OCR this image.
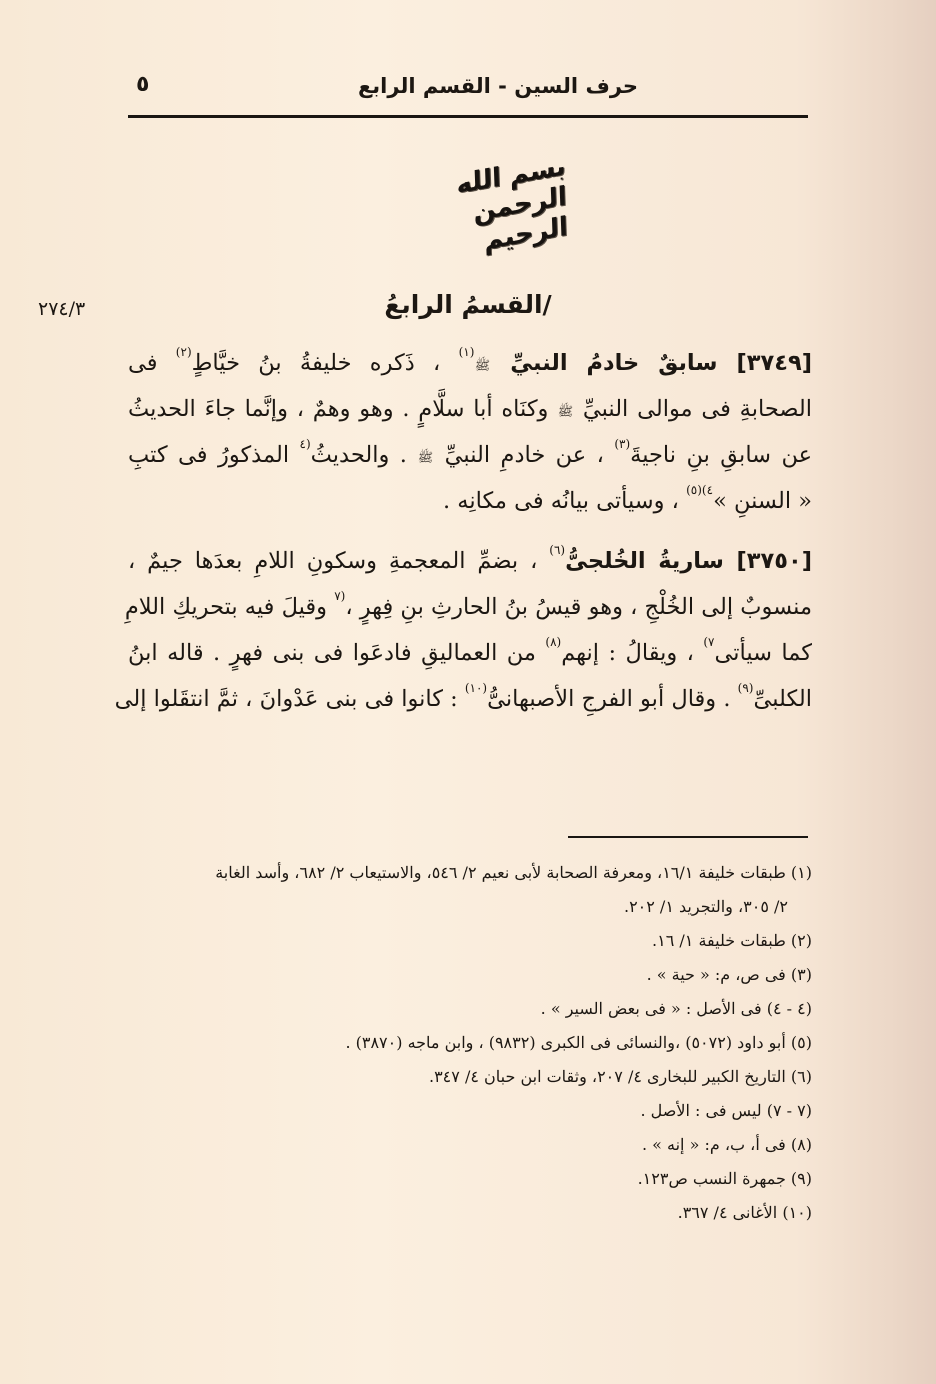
حرف السين - القسم الرابع
٥
بسم الله الرحمن الرحيم
٢٧٤/٣	/القسمُ الرابعُ
[٣٧٤٩] سابقٌ خادمُ النبيِّ ﷺ$^{(١)}$ ، ذَكره خليفةُ بنُ خيَّاطٍ$^{(٢)}$ فى
الصحابةِ فى موالى النبيِّ ﷺ وكنَاه أبا سلَّامٍ . وهو وهمٌ ، وإنَّما جاءَ الحديثُ
عن سابقِ بنِ ناجيةَ$^{(٣)}$ ، عن خادمِ النبيِّ ﷺ . والحديثُ$^{(٤}$ المذكورُ فى كتبِ
« السننِ »$^{٤)(٥)}$ ، وسيأتى بيانُه فى مكانِه .
[٣٧٥٠] ساريةُ الخُلجىُّ$^{(٦)}$ ، بضمِّ المعجمةِ وسكونِ اللامِ بعدَها جيمٌ ،
منسوبٌ إلى الخُلْجِ ، وهو قيسُ بنُ الحارثِ بنِ فِهرٍ ،$^{(٧}$ وقيلَ فيه بتحريكِ اللامِ
كما سيأتى$^{٧)}$ ، ويقالُ : إنهم$^{(٨)}$ من العماليقِ فادعَوا فى بنى فهرٍ . قاله ابنُ
الكلبىِّ$^{(٩)}$ . وقال أبو الفرجِ الأصبهانىُّ$^{(١٠)}$ : كانوا فى بنى عَدْوانَ ، ثمَّ انتقَلوا إلى
(١) طبقات خليفة ١٦/١، ومعرفة الصحابة لأبى نعيم ٢/ ٥٤٦، والاستيعاب ٢/ ٦٨٢، وأسد الغابة
٢/ ٣٠٥، والتجريد ١/ ٢٠٢.
(٢) طبقات خليفة ١/ ١٦.
(٣) فى ص، م: « حية » .
(٤ - ٤) فى الأصل : « فى بعض السير » .
(٥) أبو داود (٥٠٧٢) ،والنسائى فى الكبرى (٩٨٣٢) ، وابن ماجه (٣٨٧٠) .
(٦) التاريخ الكبير للبخارى ٤/ ٢٠٧، وثقات ابن حبان ٤/ ٣٤٧.
(٧ - ٧) ليس فى : الأصل .
(٨) فى أ، ب، م: « إنه » .
(٩) جمهرة النسب ص١٢٣.
(١٠) الأغانى ٤/ ٣٦٧.
